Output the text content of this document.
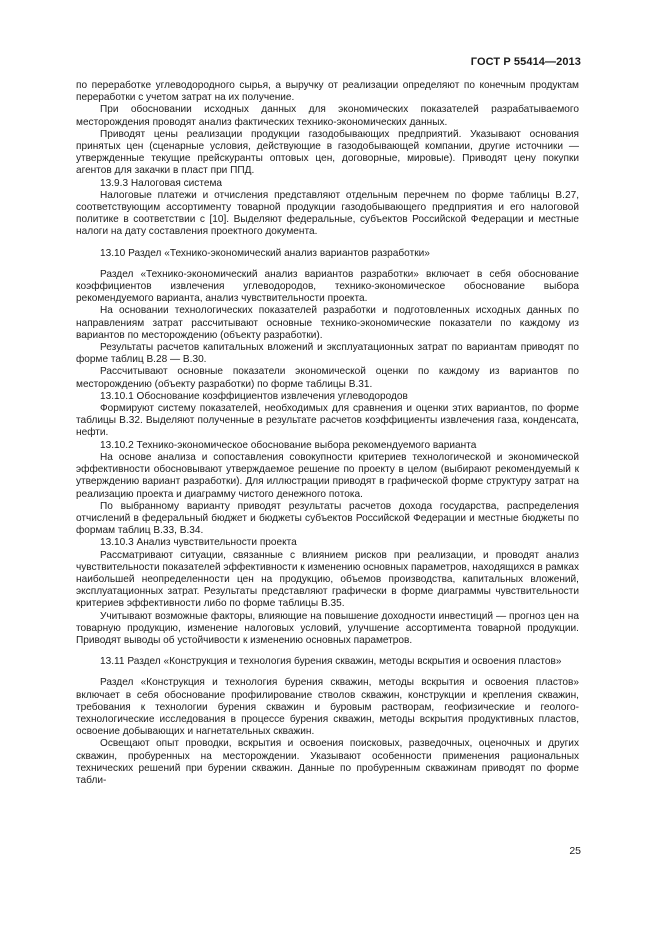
ГОСТ Р 55414—2013

по переработке углеводородного сырья, а выручку от реализации определяют по конечным продуктам переработки с учетом затрат на их получение.

При обосновании исходных данных для экономических показателей разрабатываемого месторождения проводят анализ фактических технико-экономических данных.

Приводят цены реализации продукции газодобывающих предприятий. Указывают основания принятых цен (сценарные условия, действующие в газодобывающей компании, другие источники — утвержденные текущие прейскуранты оптовых цен, договорные, мировые). Приводят цену покупки агентов для закачки в пласт при ППД.

13.9.3 Налоговая система

Налоговые платежи и отчисления представляют отдельным перечнем по форме таблицы В.27, соответствующим ассортименту товарной продукции газодобывающего предприятия и его налоговой политике в соответствии с [10]. Выделяют федеральные, субъектов Российской Федерации и местные налоги на дату составления проектного документа.

13.10 Раздел «Технико-экономический анализ вариантов разработки»

Раздел «Технико-экономический анализ вариантов разработки» включает в себя обоснование коэффициентов извлечения углеводородов, технико-экономическое обоснование выбора рекомендуемого варианта, анализ чувствительности проекта.

На основании технологических показателей разработки и подготовленных исходных данных по направлениям затрат рассчитывают основные технико-экономические показатели по каждому из вариантов по месторождению (объекту разработки).

Результаты расчетов капитальных вложений и эксплуатационных затрат по вариантам приводят по форме таблиц В.28 — В.30.

Рассчитывают основные показатели экономической оценки по каждому из вариантов по месторождению (объекту разработки) по форме таблицы В.31.

13.10.1 Обоснование коэффициентов извлечения углеводородов

Формируют систему показателей, необходимых для сравнения и оценки этих вариантов, по форме таблицы В.32. Выделяют полученные в результате расчетов коэффициенты извлечения газа, конденсата, нефти.

13.10.2 Технико-экономическое обоснование выбора рекомендуемого варианта

На основе анализа и сопоставления совокупности критериев технологической и экономической эффективности обосновывают утверждаемое решение по проекту в целом (выбирают рекомендуемый к утверждению вариант разработки). Для иллюстрации приводят в графической форме структуру затрат на реализацию проекта и диаграмму чистого денежного потока.

По выбранному варианту приводят результаты расчетов дохода государства, распределения отчислений в федеральный бюджет и бюджеты субъектов Российской Федерации и местные бюджеты по формам таблиц В.33, В.34.

13.10.3 Анализ чувствительности проекта

Рассматривают ситуации, связанные с влиянием рисков при реализации, и проводят анализ чувствительности показателей эффективности к изменению основных параметров, находящихся в рамках наибольшей неопределенности цен на продукцию, объемов производства, капитальных вложений, эксплуатационных затрат. Результаты представляют графически в форме диаграммы чувствительности критериев эффективности либо по форме таблицы В.35.

Учитывают возможные факторы, влияющие на повышение доходности инвестиций — прогноз цен на товарную продукцию, изменение налоговых условий, улучшение ассортимента товарной продукции. Приводят выводы об устойчивости к изменению основных параметров.

13.11 Раздел «Конструкция и технология бурения скважин, методы вскрытия и освоения пластов»

Раздел «Конструкция и технология бурения скважин, методы вскрытия и освоения пластов» включает в себя обоснование профилирование стволов скважин, конструкции и крепления скважин, требования к технологии бурения скважин и буровым растворам, геофизические и геолого-технологические исследования в процессе бурения скважин, методы вскрытия продуктивных пластов, освоение добывающих и нагнетательных скважин.

Освещают опыт проводки, вскрытия и освоения поисковых, разведочных, оценочных и других скважин, пробуренных на месторождении. Указывают особенности применения рациональных технических решений при бурении скважин. Данные по пробуренным скважинам приводят по форме табли-

25
